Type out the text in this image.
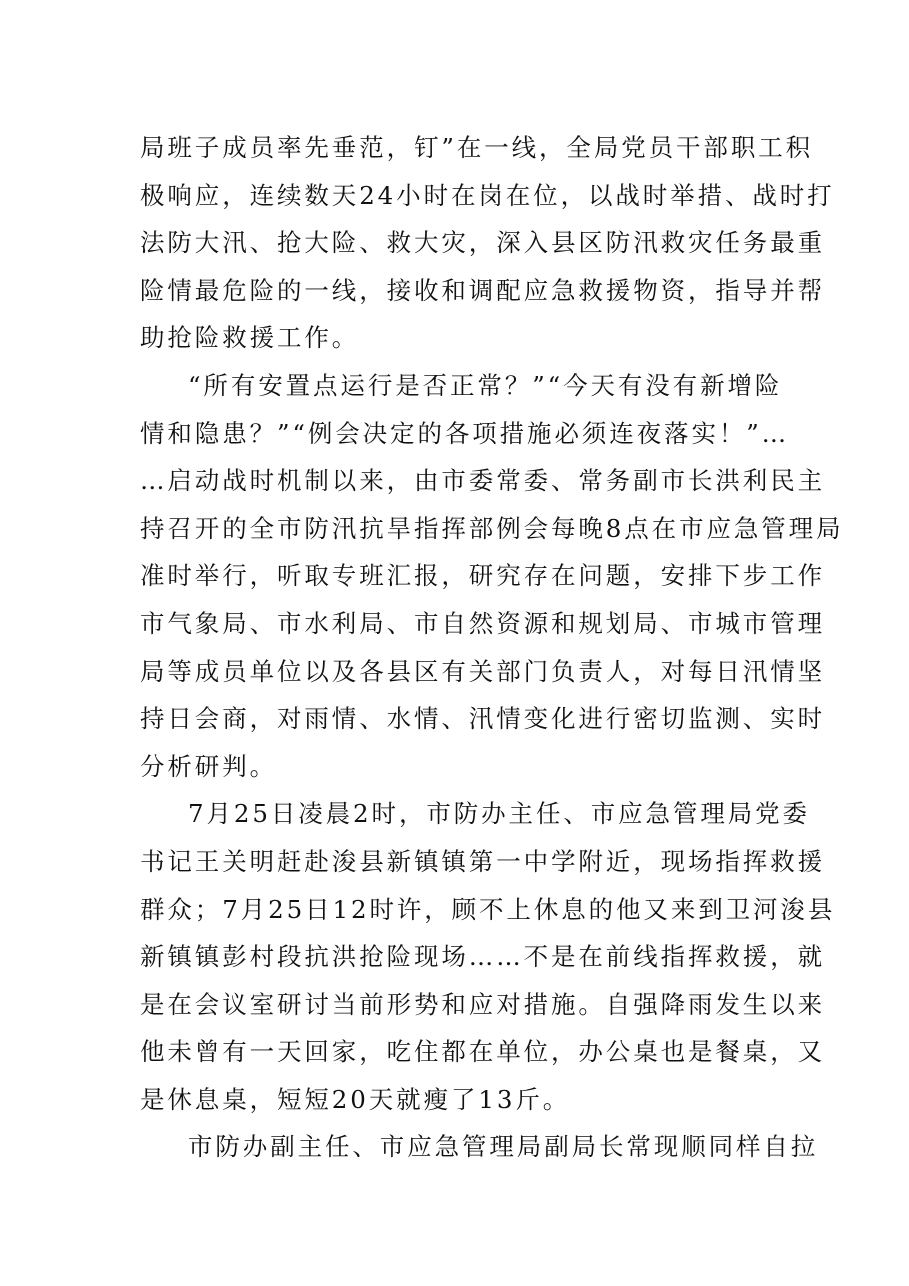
局班子成员率先垂范，钉”在一线，全局党员干部职工积
极响应，连续数天24小时在岗在位，以战时举措、战时打
法防大汛、抢大险、救大灾，深入县区防汛救灾任务最重
险情最危险的一线，接收和调配应急救援物资，指导并帮
助抢险救援工作。
“所有安置点运行是否正常？”“今天有没有新增险
情和隐患？”“例会决定的各项措施必须连夜落实！”…
…启动战时机制以来，由市委常委、常务副市长洪利民主
持召开的全市防汛抗旱指挥部例会每晚8点在市应急管理局
准时举行，听取专班汇报，研究存在问题，安排下步工作
市气象局、市水利局、市自然资源和规划局、市城市管理
局等成员单位以及各县区有关部门负责人，对每日汛情坚
持日会商，对雨情、水情、汛情变化进行密切监测、实时
分析研判。
7月25日凌晨2时，市防办主任、市应急管理局党委
书记王关明赶赴浚县新镇镇第一中学附近，现场指挥救援
群众；7月25日12时许，顾不上休息的他又来到卫河浚县
新镇镇彭村段抗洪抢险现场……不是在前线指挥救援，就
是在会议室研讨当前形势和应对措施。自强降雨发生以来
他未曾有一天回家，吃住都在单位，办公桌也是餐桌，又
是休息桌，短短20天就瘦了13斤。
市防办副主任、市应急管理局副局长常现顺同样自拉
